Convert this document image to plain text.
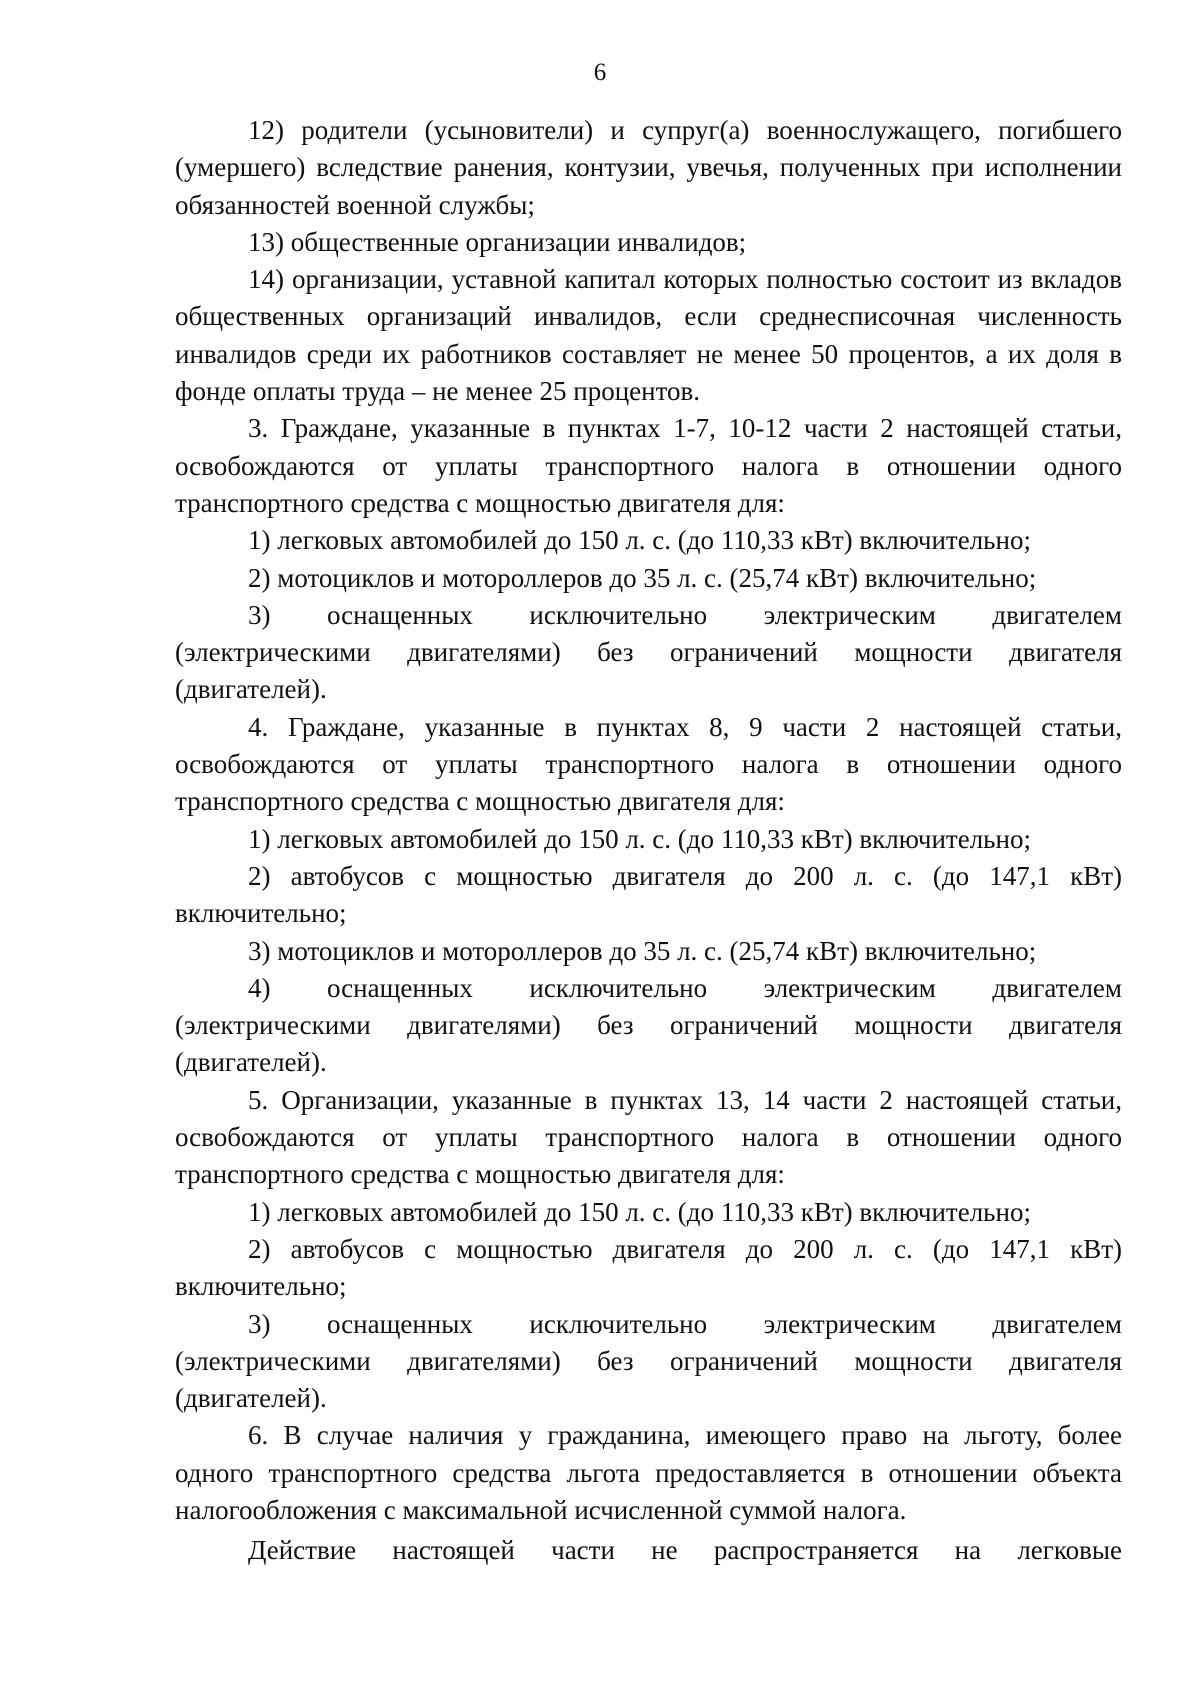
6

12) родители (усыновители) и супруг(а) военнослужащего, погибшего (умершего) вследствие ранения, контузии, увечья, полученных при исполнении обязанностей военной службы;

13) общественные организации инвалидов;

14) организации, уставной капитал которых полностью состоит из вкладов общественных организаций инвалидов, если среднесписочная численность инвалидов среди их работников составляет не менее 50 процентов, а их доля в фонде оплаты труда – не менее 25 процентов.

3. Граждане, указанные в пунктах 1-7, 10-12 части 2 настоящей статьи, освобождаются от уплаты транспортного налога в отношении одного транспортного средства с мощностью двигателя для:

1) легковых автомобилей до 150 л. с. (до 110,33 кВт) включительно;

2) мотоциклов и мотороллеров до 35 л. с. (25,74 кВт) включительно;

3) оснащенных исключительно электрическим двигателем (электрическими двигателями) без ограничений мощности двигателя (двигателей).

4. Граждане, указанные в пунктах 8, 9 части 2 настоящей статьи, освобождаются от уплаты транспортного налога в отношении одного транспортного средства с мощностью двигателя для:

1) легковых автомобилей до 150 л. с. (до 110,33 кВт) включительно;

2) автобусов с мощностью двигателя до 200 л. с. (до 147,1 кВт) включительно;

3) мотоциклов и мотороллеров до 35 л. с. (25,74 кВт) включительно;

4) оснащенных исключительно электрическим двигателем (электрическими двигателями) без ограничений мощности двигателя (двигателей).

5. Организации, указанные в пунктах 13, 14 части 2 настоящей статьи, освобождаются от уплаты транспортного налога в отношении одного транспортного средства с мощностью двигателя для:

1) легковых автомобилей до 150 л. с. (до 110,33 кВт) включительно;

2) автобусов с мощностью двигателя до 200 л. с. (до 147,1 кВт) включительно;

3) оснащенных исключительно электрическим двигателем (электрическими двигателями) без ограничений мощности двигателя (двигателей).

6. В случае наличия у гражданина, имеющего право на льготу, более одного транспортного средства льгота предоставляется в отношении объекта налогообложения с максимальной исчисленной суммой налога.

Действие настоящей части не распространяется на легковые
